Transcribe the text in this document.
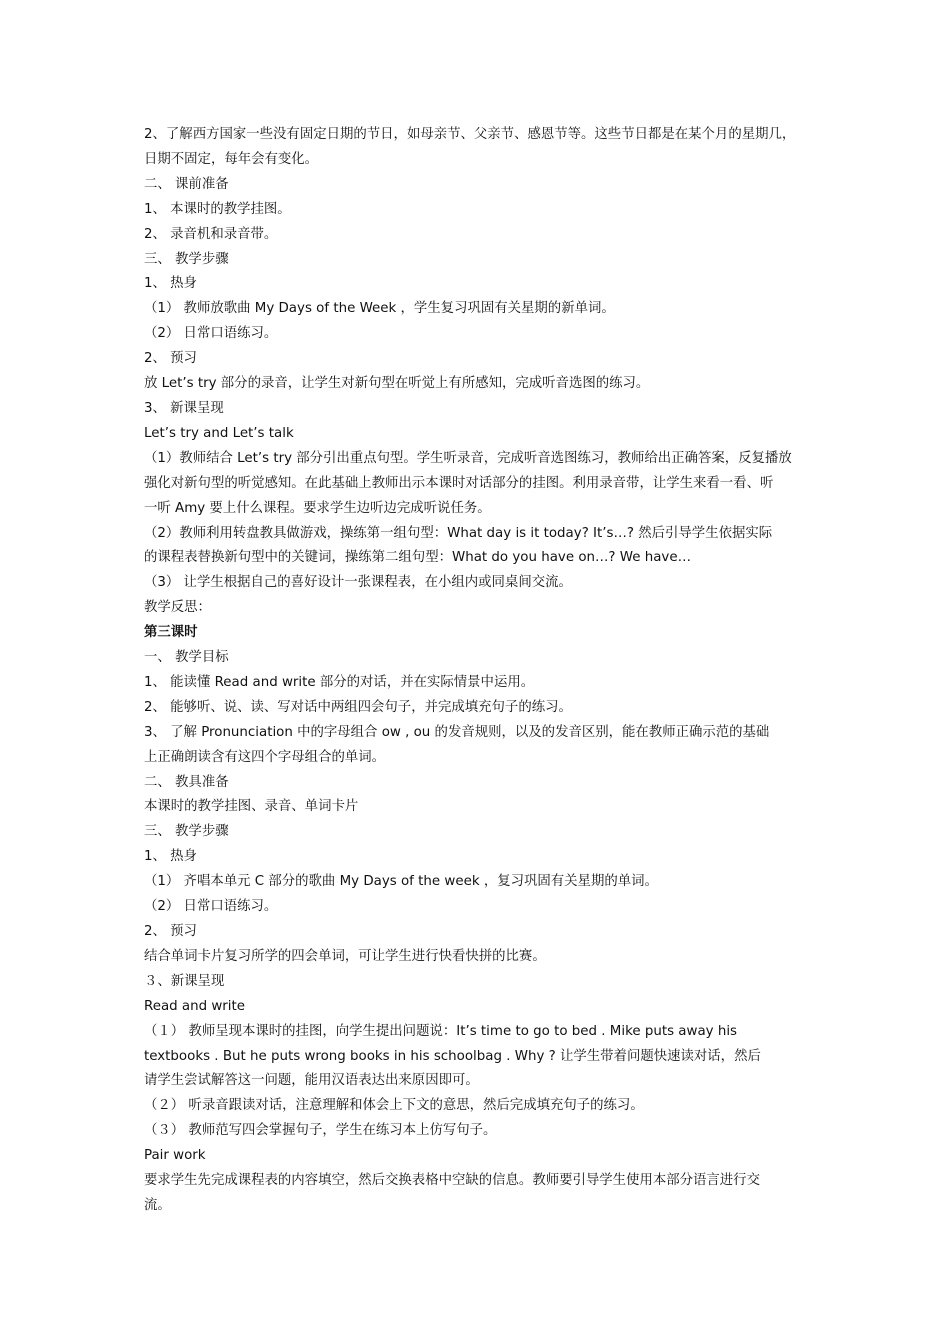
2、了解西方国家一些没有固定日期的节日，如母亲节、父亲节、感恩节等。这些节日都是在某个月的星期几，

日期不固定，每年会有变化。

二、 课前准备

1、 本课时的教学挂图。

2、 录音机和录音带。

三、 教学步骤

1、 热身

（1） 教师放歌曲 My Days of the Week ，学生复习巩固有关星期的新单词。

（2） 日常口语练习。

2、 预习

放 Let’s try 部分的录音，让学生对新句型在听觉上有所感知，完成听音选图的练习。

3、 新课呈现

Let’s try and Let’s talk

（1）教师结合 Let’s try 部分引出重点句型。学生听录音，完成听音选图练习，教师给出正确答案，反复播放

强化对新句型的听觉感知。在此基础上教师出示本课时对话部分的挂图。利用录音带，让学生来看一看、听

一听 Amy 要上什么课程。要求学生边听边完成听说任务。

（2）教师利用转盘教具做游戏，操练第一组句型：What day is it today? It’s…? 然后引导学生依据实际

的课程表替换新句型中的关键词，操练第二组句型：What do you have on…? We have…

（3） 让学生根据自己的喜好设计一张课程表，在小组内或同桌间交流。

教学反思：

第三课时

一、 教学目标

1、 能读懂 Read and write 部分的对话，并在实际情景中运用。

2、 能够听、说、读、写对话中两组四会句子，并完成填充句子的练习。

3、 了解 Pronunciation 中的字母组合 ow , ou 的发音规则，以及的发音区别，能在教师正确示范的基础

上正确朗读含有这四个字母组合的单词。

二、 教具准备

本课时的教学挂图、录音、单词卡片

三、 教学步骤

1、 热身

（1） 齐唱本单元 C 部分的歌曲 My Days of the week ，复习巩固有关星期的单词。

（2） 日常口语练习。

2、 预习

结合单词卡片复习所学的四会单词，可让学生进行快看快拼的比赛。

３、新课呈现

Read and write

（１） 教师呈现本课时的挂图，向学生提出问题说：It’s time to go to bed . Mike puts away his

textbooks . But he puts wrong books in his schoolbag . Why ? 让学生带着问题快速读对话，然后

请学生尝试解答这一问题，能用汉语表达出来原因即可。

（２） 听录音跟读对话，注意理解和体会上下文的意思，然后完成填充句子的练习。

（３） 教师范写四会掌握句子，学生在练习本上仿写句子。

Pair work

要求学生先完成课程表的内容填空，然后交换表格中空缺的信息。教师要引导学生使用本部分语言进行交

流。
